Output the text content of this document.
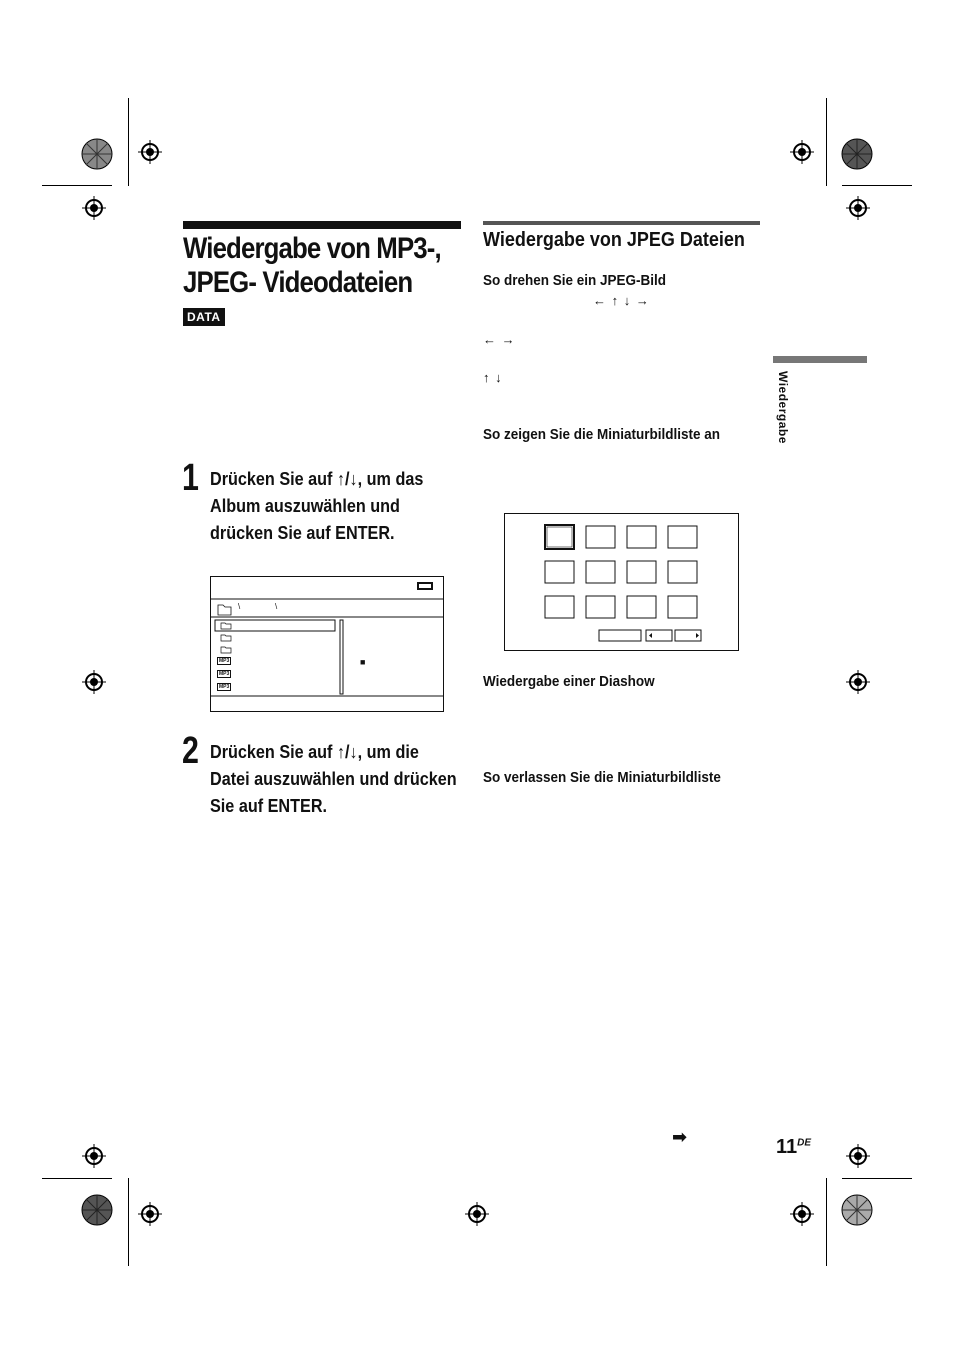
Wiedergabe von MP3-,
JPEG- Videodateien
DATA
1 Drücken Sie auf ↑/↓, um das Album auszuwählen und drücken Sie auf ENTER.
\	\
MP3
MP3
MP3
■
2 Drücken Sie auf ↑/↓, um die Datei auszuwählen und drücken Sie auf ENTER.
Wiedergabe von JPEG Dateien
So drehen Sie ein JPEG-Bild
← ↑ ↓ →
← →
↑ ↓
So zeigen Sie die Miniaturbildliste an
Wiedergabe einer Diashow
So verlassen Sie die Miniaturbildliste
Wiedergabe
➡	11DE
